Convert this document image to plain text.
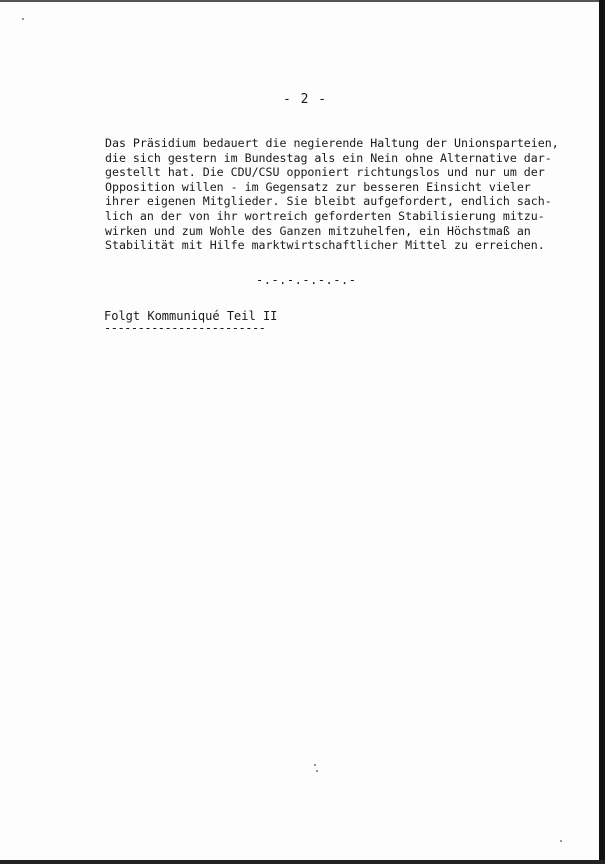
- 2 -
Das Präsidium bedauert die negierende Haltung der Unionsparteien,
die sich gestern im Bundestag als ein Nein ohne Alternative dar-
gestellt hat. Die CDU/CSU opponiert richtungslos und nur um der
Opposition willen - im Gegensatz zur besseren Einsicht vieler
ihrer eigenen Mitglieder. Sie bleibt aufgefordert, endlich sach-
lich an der von ihr wortreich geforderten Stabilisierung mitzu-
wirken und zum Wohle des Ganzen mitzuhelfen, ein Höchstmaß an
Stabilität mit Hilfe marktwirtschaftlicher Mittel zu erreichen.
-.-.-.-.-.-.-
Folgt Kommuniqué Teil II
------------------------
